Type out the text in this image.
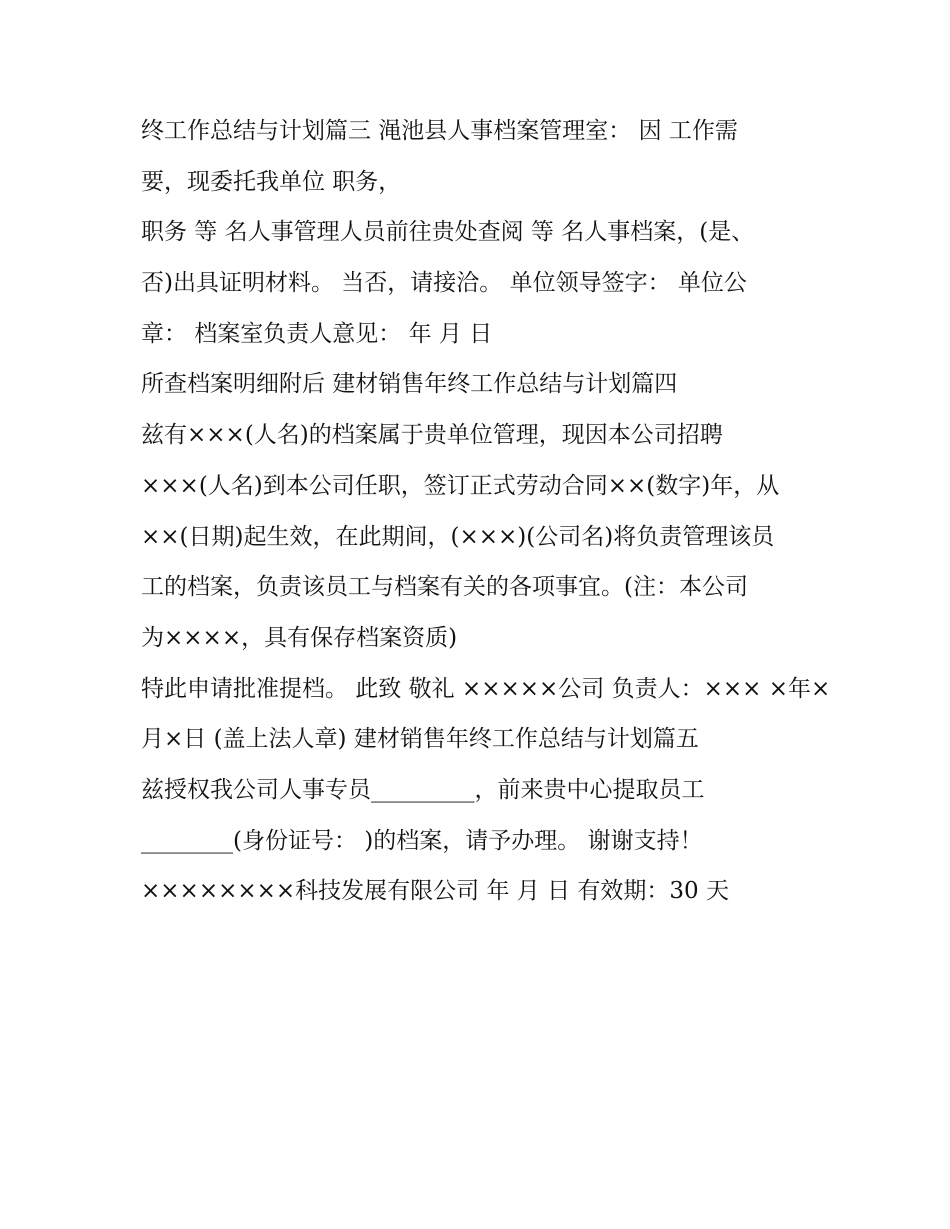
终工作总结与计划篇三 渑池县人事档案管理室： 因 工作需
要，现委托我单位 职务，
职务 等 名人事管理人员前往贵处查阅 等 名人事档案，(是、
否)出具证明材料。 当否，请接洽。 单位领导签字： 单位公
章： 档案室负责人意见： 年 月 日
所查档案明细附后 建材销售年终工作总结与计划篇四
兹有×××(人名)的档案属于贵单位管理，现因本公司招聘
×××(人名)到本公司任职，签订正式劳动合同××(数字)年，从
××(日期)起生效，在此期间，(×××)(公司名)将负责管理该员
工的档案，负责该员工与档案有关的各项事宜。(注：本公司
为××××，具有保存档案资质)
特此申请批准提档。 此致 敬礼 ×××××公司 负责人：××× ×年×
月×日 (盖上法人章) 建材销售年终工作总结与计划篇五
兹授权我公司人事专员_________，前来贵中心提取员工
________(身份证号： )的档案，请予办理。 谢谢支持！
××××××××科技发展有限公司 年 月 日 有效期：30 天
